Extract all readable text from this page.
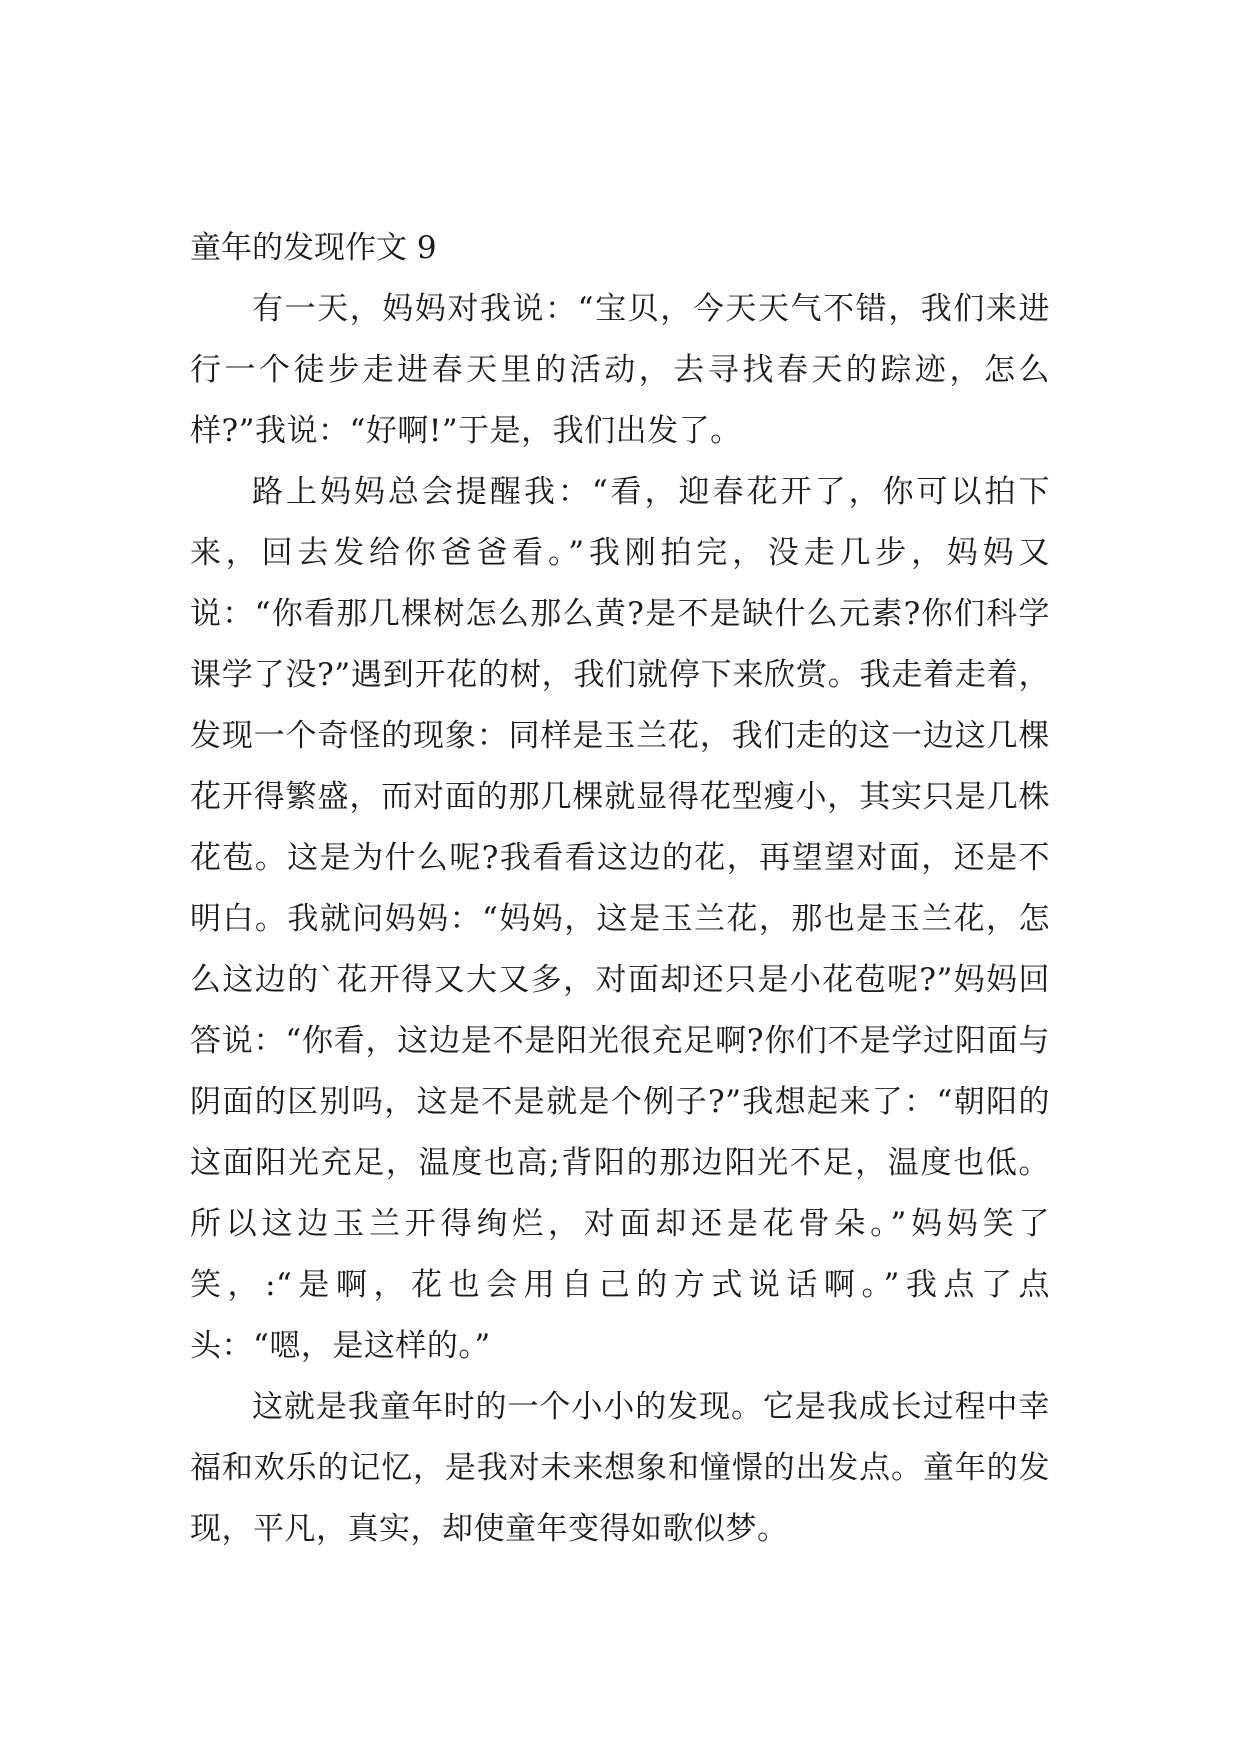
童年的发现作文 9

有一天，妈妈对我说：“宝贝，今天天气不错，我们来进行一个徒步走进春天里的活动，去寻找春天的踪迹，怎么样?”我说：“好啊!”于是，我们出发了。

路上妈妈总会提醒我：“看，迎春花开了，你可以拍下来，回去发给你爸爸看。”我刚拍完，没走几步，妈妈又说：“你看那几棵树怎么那么黄?是不是缺什么元素?你们科学课学了没?”遇到开花的树，我们就停下来欣赏。我走着走着，发现一个奇怪的现象：同样是玉兰花，我们走的这一边这几棵花开得繁盛，而对面的那几棵就显得花型瘦小，其实只是几株花苞。这是为什么呢?我看看这边的花，再望望对面，还是不明白。我就问妈妈：“妈妈，这是玉兰花，那也是玉兰花，怎么这边的`花开得又大又多，对面却还只是小花苞呢?”妈妈回答说：“你看，这边是不是阳光很充足啊?你们不是学过阳面与阴面的区别吗，这是不是就是个例子?”我想起来了：“朝阳的这面阳光充足，温度也高;背阳的那边阳光不足，温度也低。所以这边玉兰开得绚烂，对面却还是花骨朵。”妈妈笑了笑，:“是啊，花也会用自己的方式说话啊。”我点了点头：“嗯，是这样的。”

这就是我童年时的一个小小的发现。它是我成长过程中幸福和欢乐的记忆，是我对未来想象和憧憬的出发点。童年的发现，平凡，真实，却使童年变得如歌似梦。
